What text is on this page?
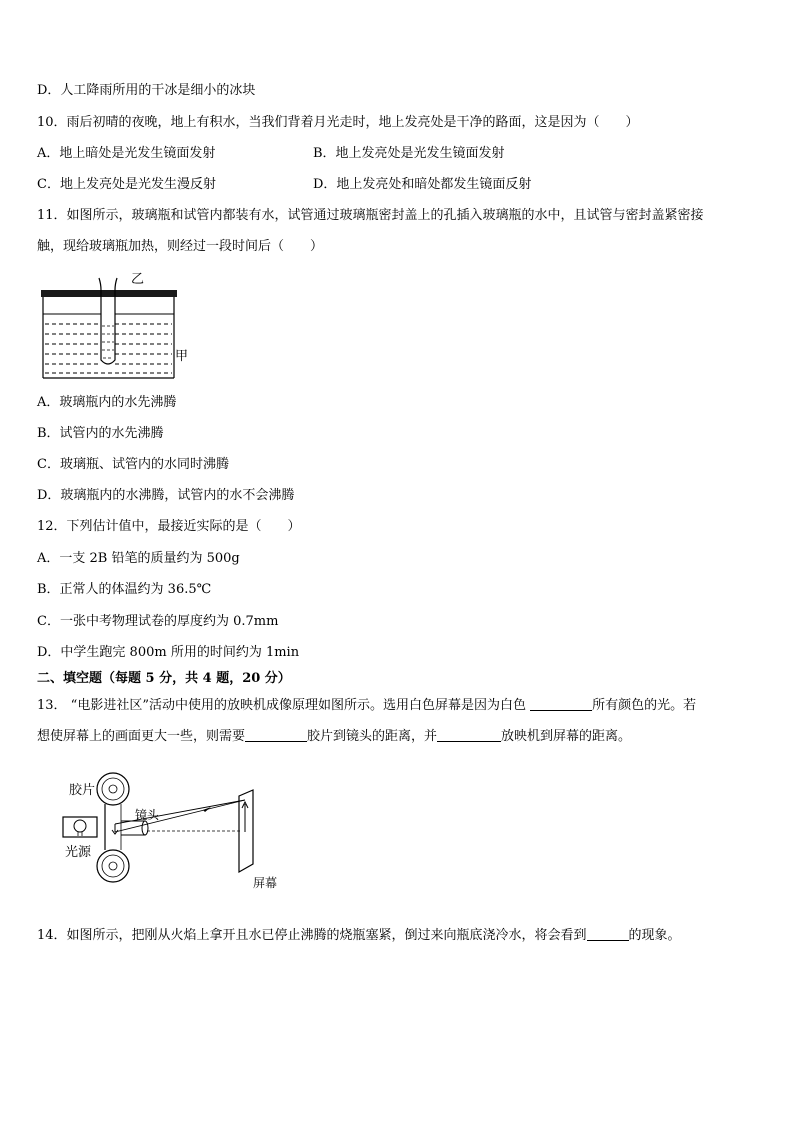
D．人工降雨所用的干冰是细小的冰块
10．雨后初晴的夜晚，地上有积水，当我们背着月光走时，地上发亮处是干净的路面，这是因为（　　）
A．地上暗处是光发生镜面发射	B．地上发亮处是光发生镜面发射
C．地上发亮处是光发生漫反射	D．地上发亮处和暗处都发生镜面反射
11．如图所示，玻璃瓶和试管内都装有水，试管通过玻璃瓶密封盖上的孔插入玻璃瓶的水中，且试管与密封盖紧密接
触，现给玻璃瓶加热，则经过一段时间后（　　）
乙
甲
A．玻璃瓶内的水先沸腾
B．试管内的水先沸腾
C．玻璃瓶、试管内的水同时沸腾
D．玻璃瓶内的水沸腾，试管内的水不会沸腾
12．下列估计值中，最接近实际的是（　　）
A．一支 2B 铅笔的质量约为 500g
B．正常人的体温约为 36.5℃
C．一张中考物理试卷的厚度约为 0.7mm
D．中学生跑完 800m 所用的时间约为 1min
二、填空题（每题 5 分，共 4 题，20 分）
13． “电影进社区”活动中使用的放映机成像原理如图所示。选用白色屏幕是因为白色	所有颜色的光。若
想使屏幕上的画面更大一些，则需要	胶片到镜头的距离，并	放映机到屏幕的距离。
胶片
镜头
光源
屏幕
14．如图所示，把刚从火焰上拿开且水已停止沸腾的烧瓶塞紧，倒过来向瓶底浇冷水，将会看到	的现象。
